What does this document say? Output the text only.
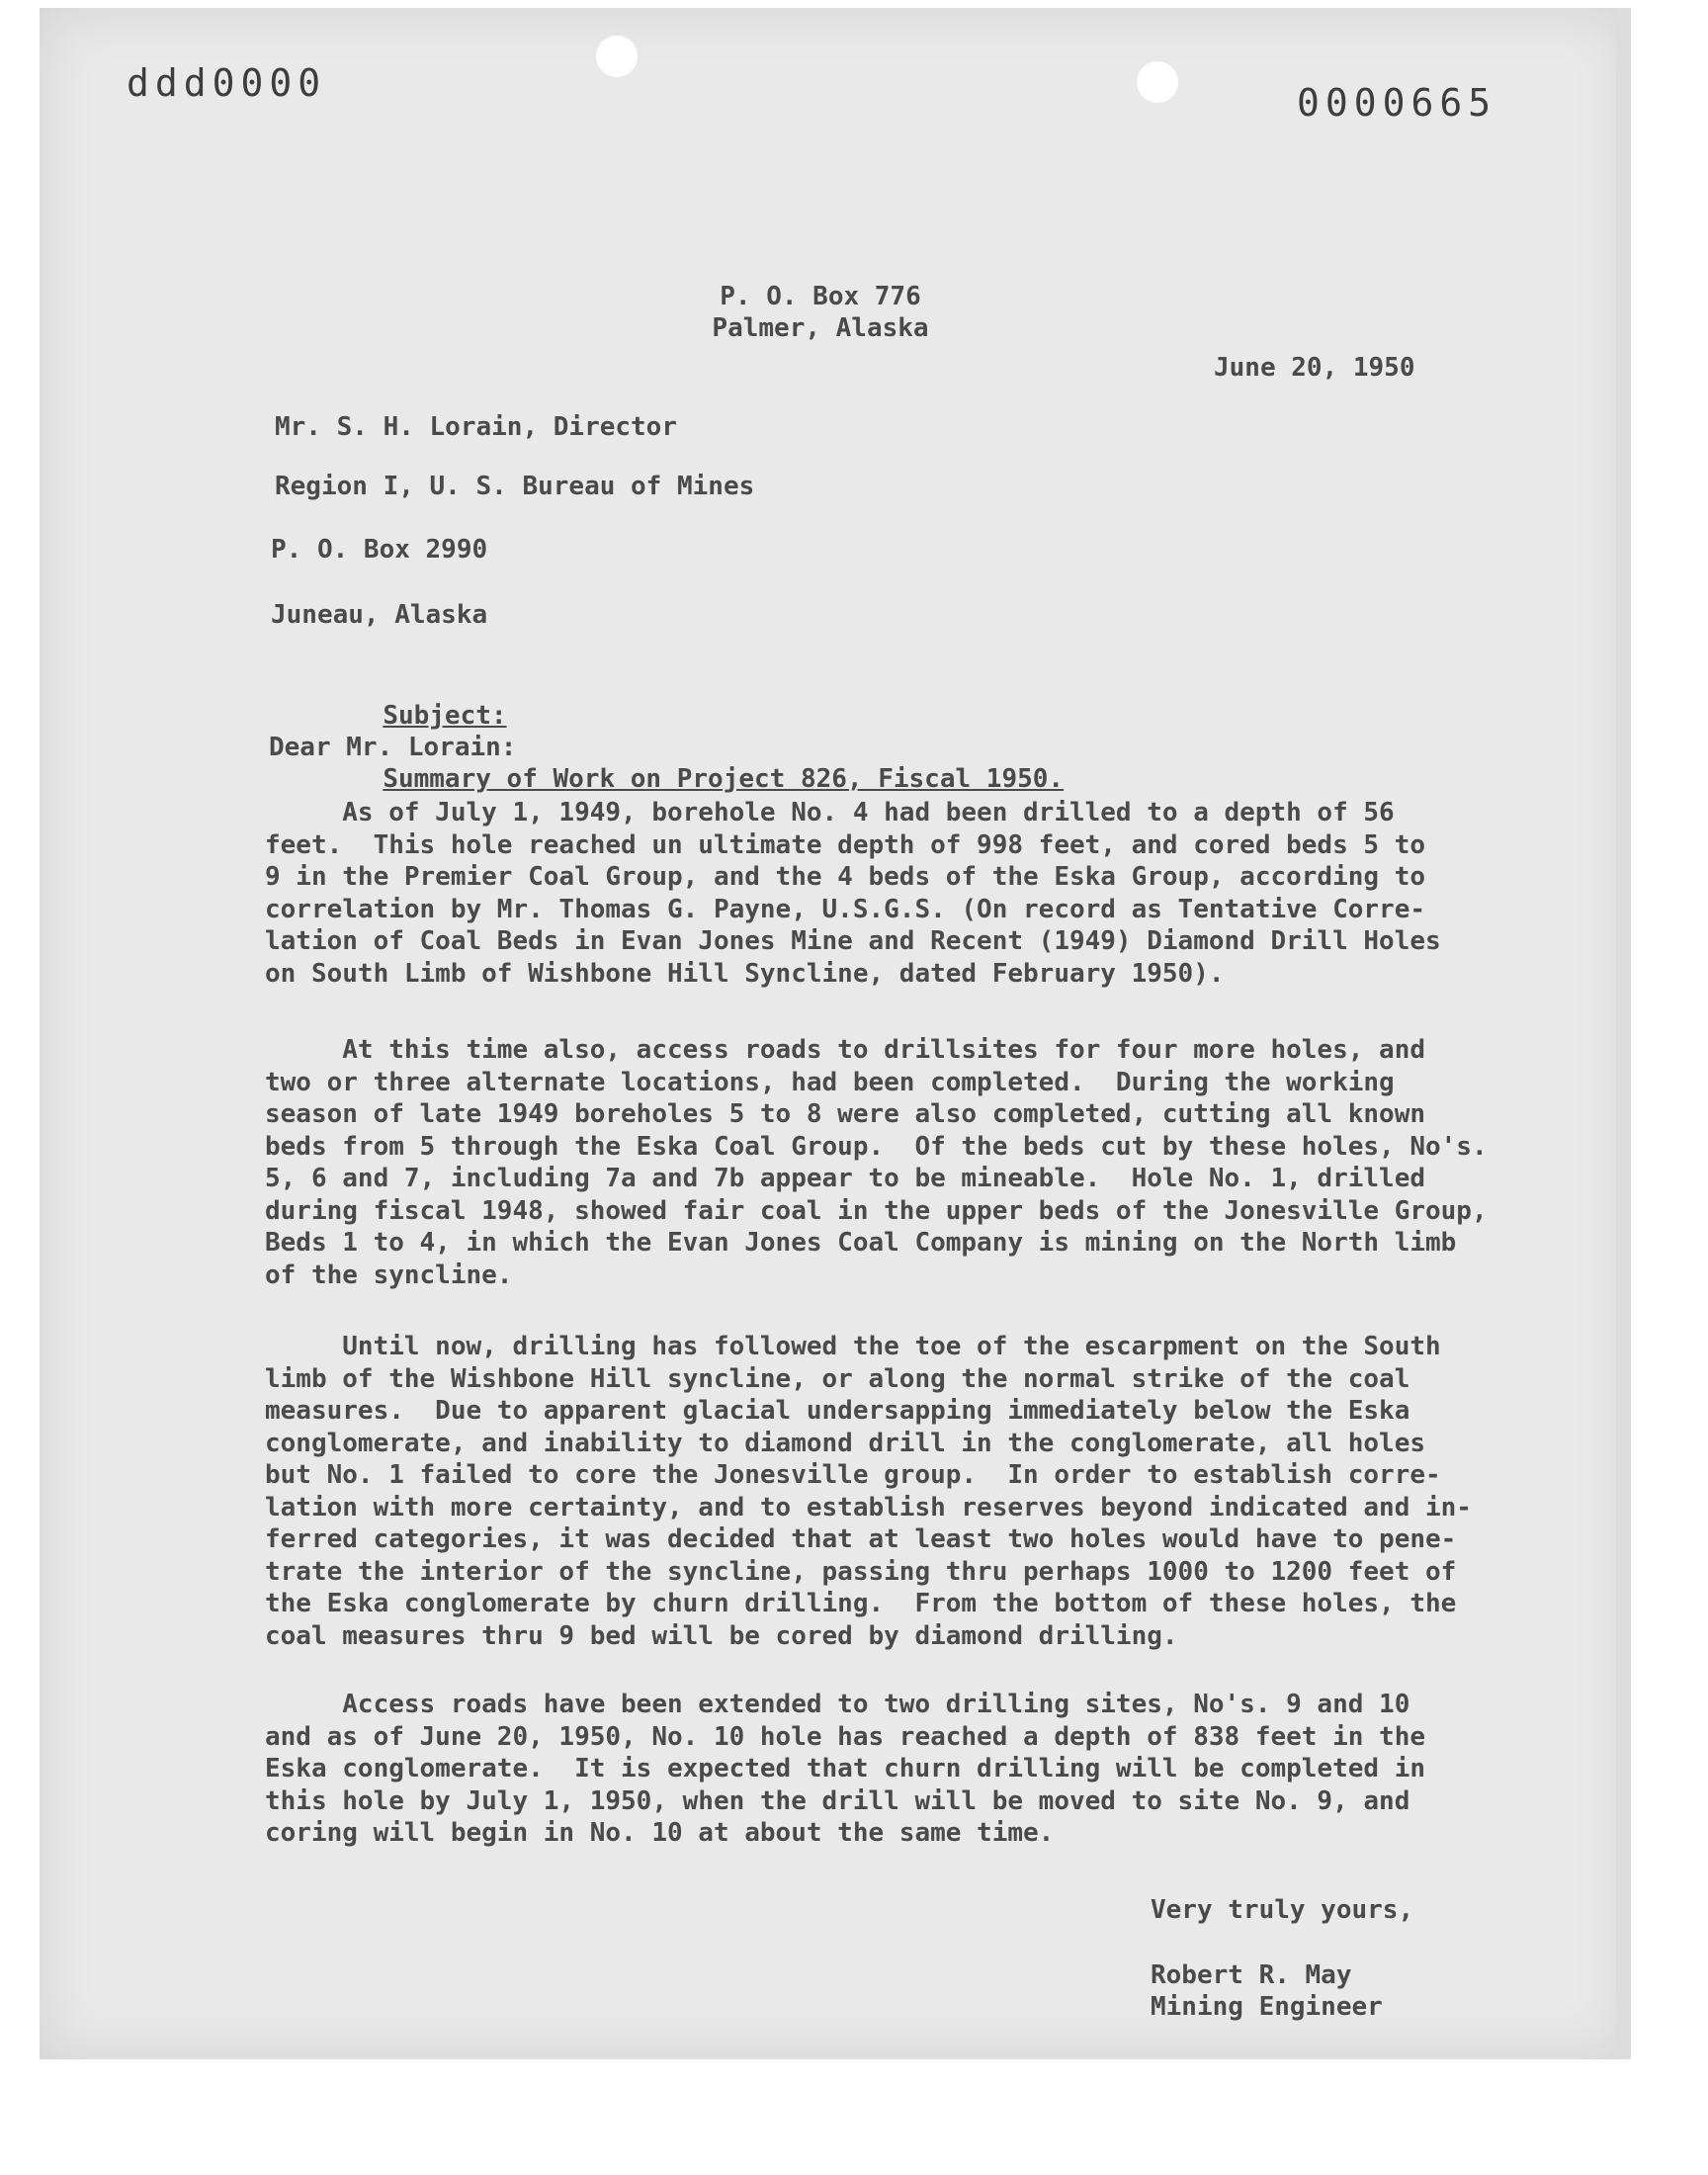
ddd0000	0000665
P. O. Box 776
Palmer, Alaska
June 20, 1950
Mr. S. H. Lorain, Director
Region I, U. S. Bureau of Mines
P. O. Box 2990
Juneau, Alaska

Subject:

Summary of Work on Project 826, Fiscal 1950.

Dear Mr. Lorain:
As of July 1, 1949, borehole No. 4 had been drilled to a depth of 56
feet.  This hole reached un ultimate depth of 998 feet, and cored beds 5 to
9 in the Premier Coal Group, and the 4 beds of the Eska Group, according to
correlation by Mr. Thomas G. Payne, U.S.G.S. (On record as Tentative Corre-
lation of Coal Beds in Evan Jones Mine and Recent (1949) Diamond Drill Holes
on South Limb of Wishbone Hill Syncline, dated February 1950).
At this time also, access roads to drillsites for four more holes, and
two or three alternate locations, had been completed.  During the working
season of late 1949 boreholes 5 to 8 were also completed, cutting all known
beds from 5 through the Eska Coal Group.  Of the beds cut by these holes, No's.
5, 6 and 7, including 7a and 7b appear to be mineable.  Hole No. 1, drilled
during fiscal 1948, showed fair coal in the upper beds of the Jonesville Group,
Beds 1 to 4, in which the Evan Jones Coal Company is mining on the North limb
of the syncline.
Until now, drilling has followed the toe of the escarpment on the South
limb of the Wishbone Hill syncline, or along the normal strike of the coal
measures.  Due to apparent glacial undersapping immediately below the Eska
conglomerate, and inability to diamond drill in the conglomerate, all holes
but No. 1 failed to core the Jonesville group.  In order to establish corre-
lation with more certainty, and to establish reserves beyond indicated and in-
ferred categories, it was decided that at least two holes would have to pene-
trate the interior of the syncline, passing thru perhaps 1000 to 1200 feet of
the Eska conglomerate by churn drilling.  From the bottom of these holes, the
coal measures thru 9 bed will be cored by diamond drilling.
Access roads have been extended to two drilling sites, No's. 9 and 10
and as of June 20, 1950, No. 10 hole has reached a depth of 838 feet in the
Eska conglomerate.  It is expected that churn drilling will be completed in
this hole by July 1, 1950, when the drill will be moved to site No. 9, and
coring will begin in No. 10 at about the same time.
Very truly yours,
Robert R. May
Mining Engineer
